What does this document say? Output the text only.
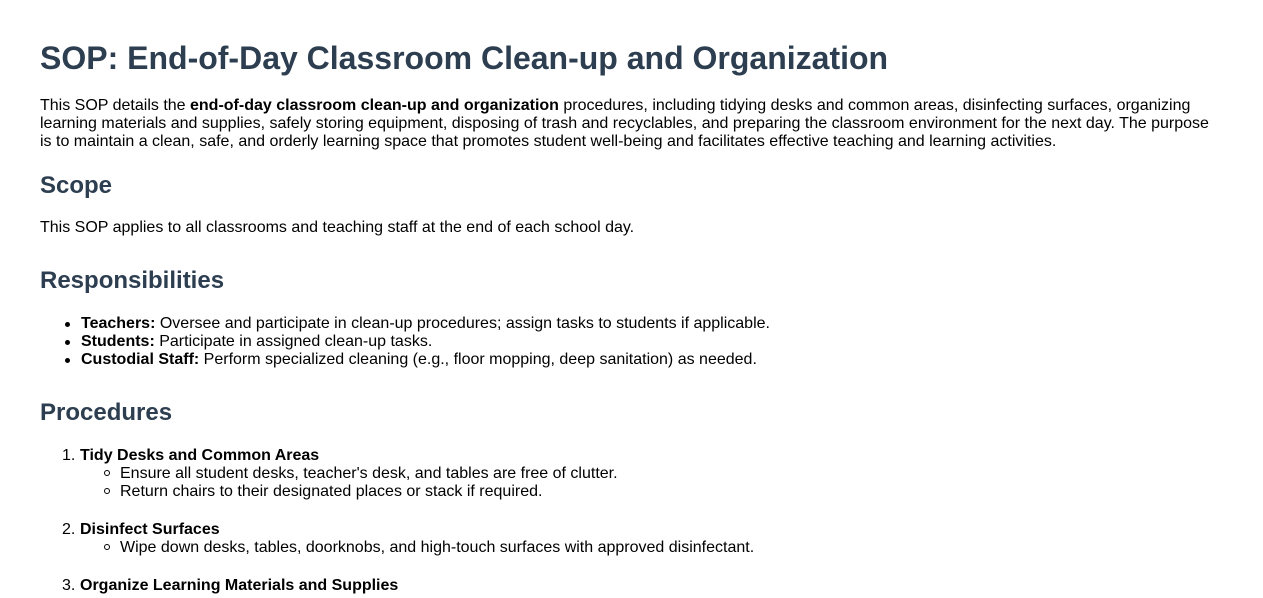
SOP: End-of-Day Classroom Clean-up and Organization

This SOP details the end-of-day classroom clean-up and organization procedures, including tidying desks and common areas, disinfecting surfaces, organizing learning materials and supplies, safely storing equipment, disposing of trash and recyclables, and preparing the classroom environment for the next day. The purpose is to maintain a clean, safe, and orderly learning space that promotes student well-being and facilitates effective teaching and learning activities.

Scope

This SOP applies to all classrooms and teaching staff at the end of each school day.

Responsibilities
Teachers: Oversee and participate in clean-up procedures; assign tasks to students if applicable.
Students: Participate in assigned clean-up tasks.
Custodial Staff: Perform specialized cleaning (e.g., floor mopping, deep sanitation) as needed.
Procedures
1. Tidy Desks and Common Areas
Ensure all student desks, teacher's desk, and tables are free of clutter.
Return chairs to their designated places or stack if required.
2. Disinfect Surfaces
Wipe down desks, tables, doorknobs, and high-touch surfaces with approved disinfectant.
3. Organize Learning Materials and Supplies
